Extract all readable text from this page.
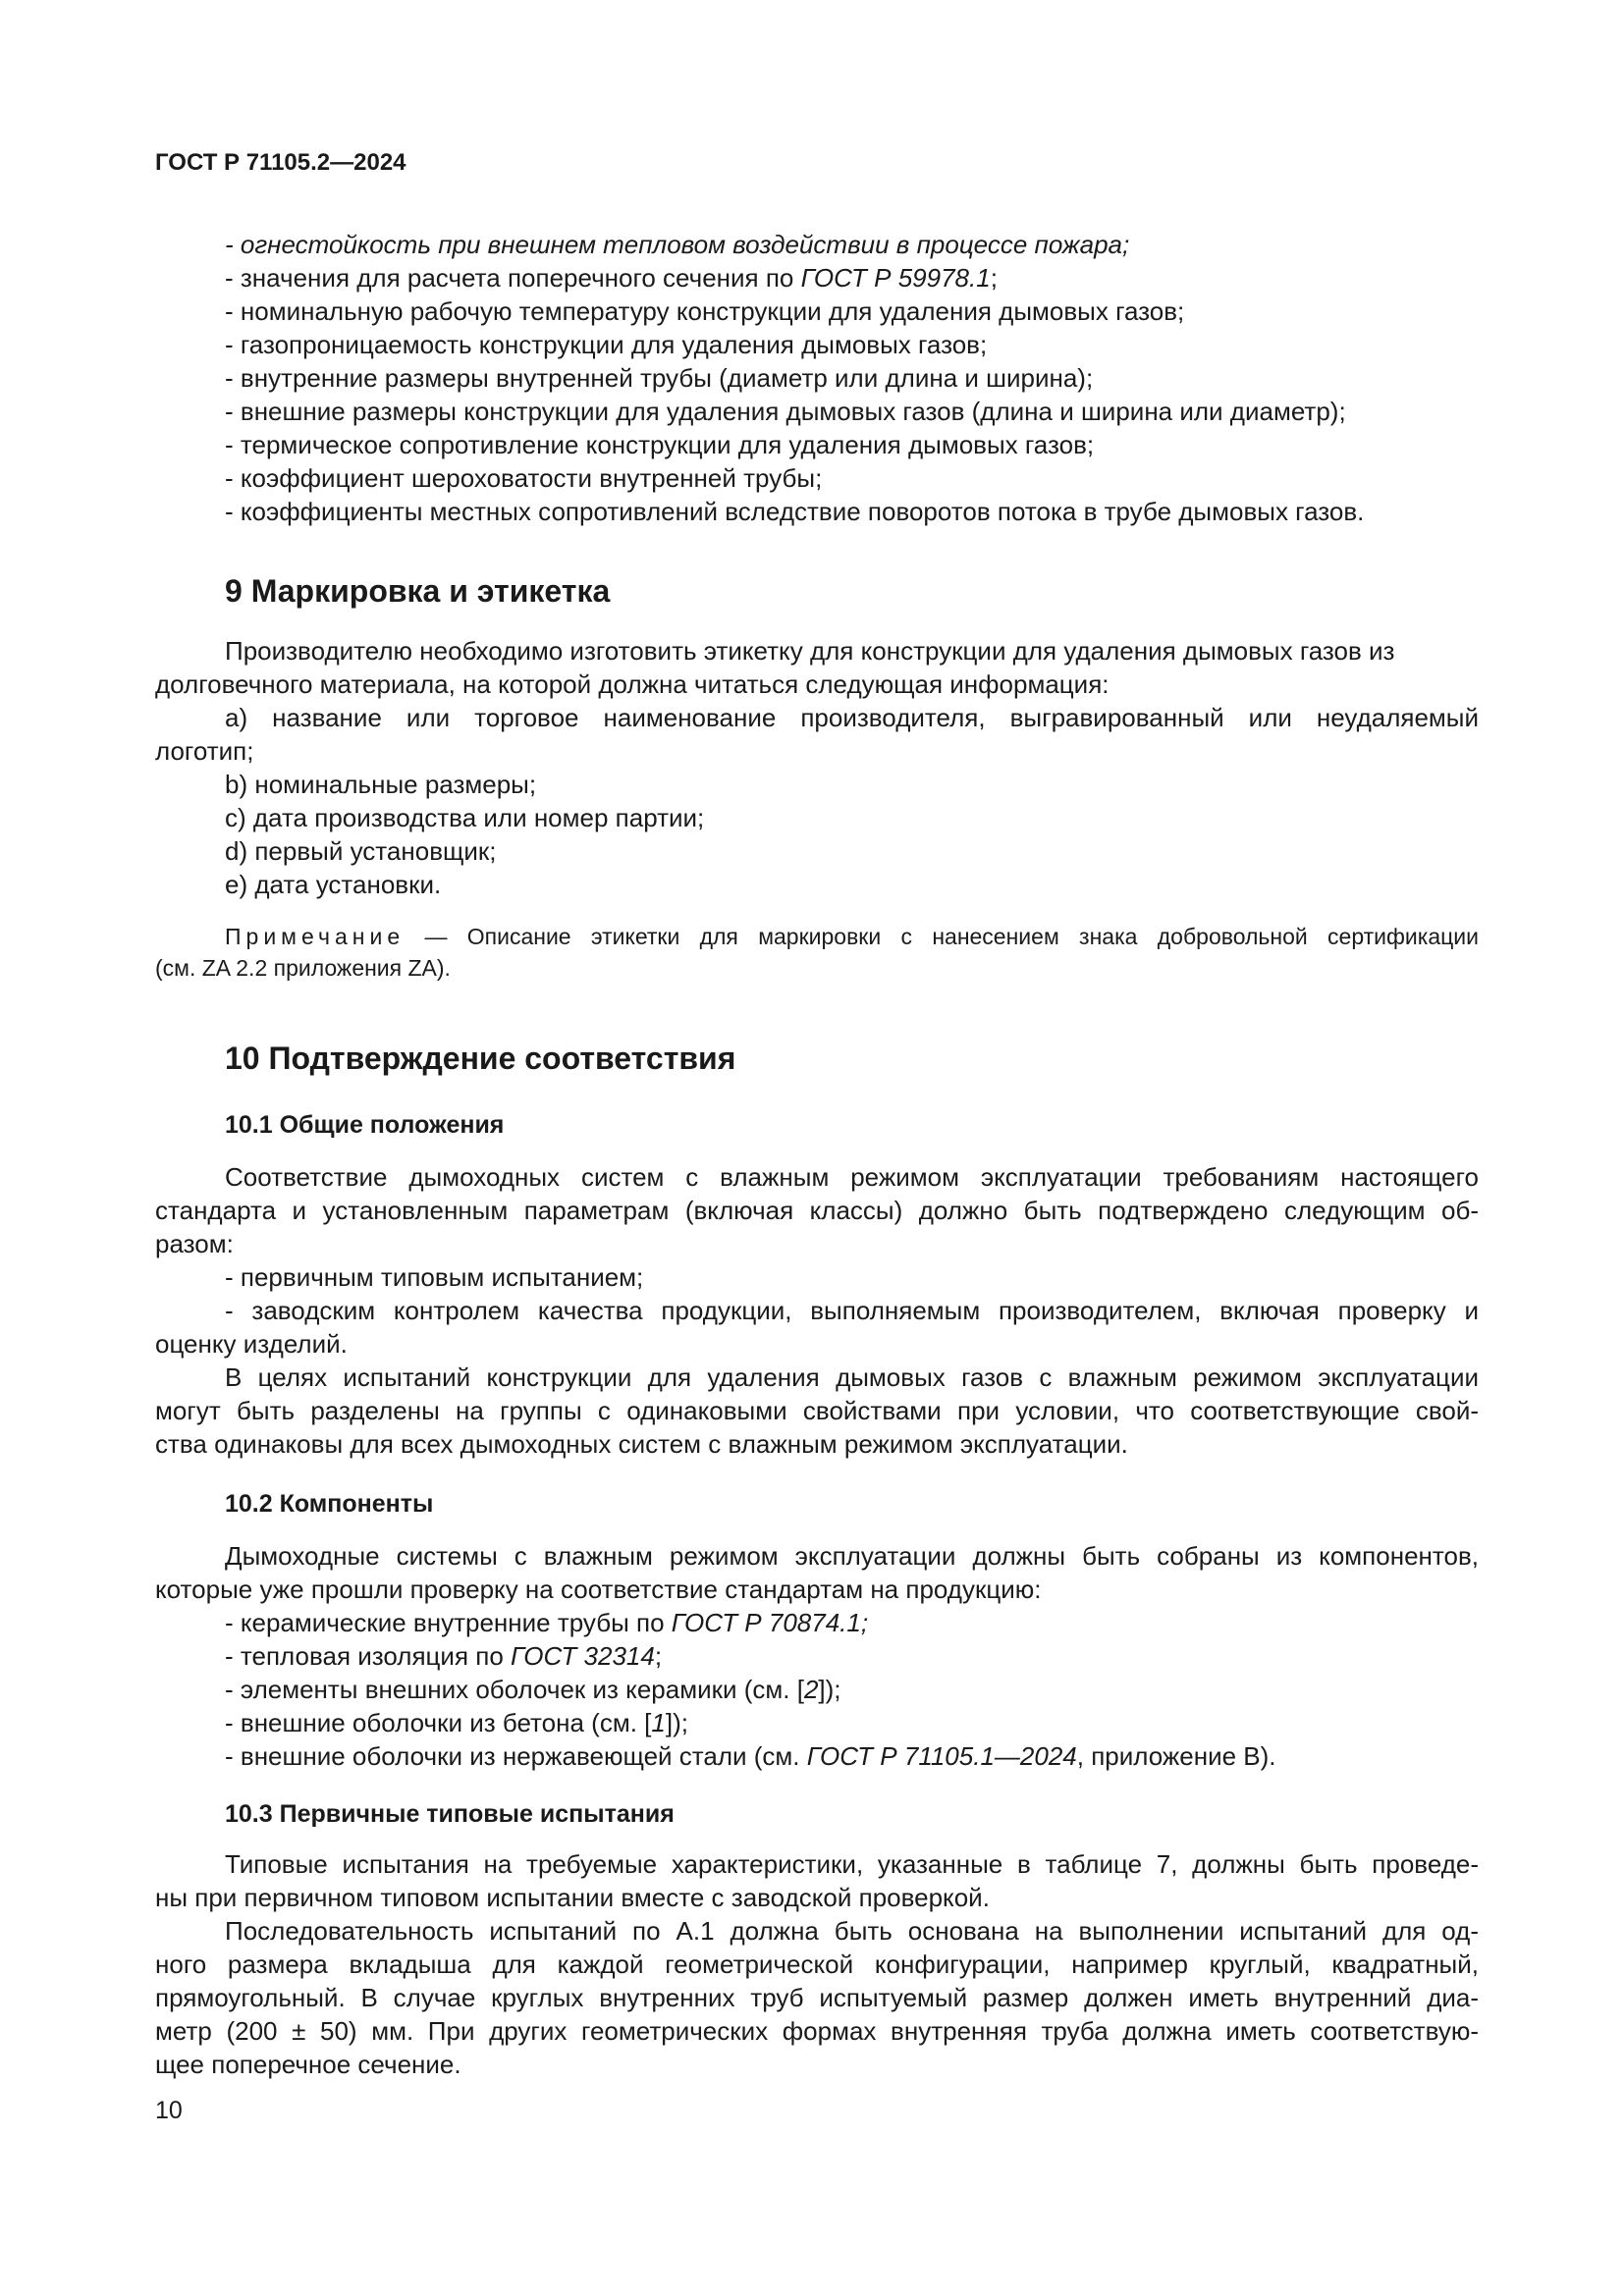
ГОСТ Р 71105.2—2024
- огнестойкость при внешнем тепловом воздействии в процессе пожара;
- значения для расчета поперечного сечения по ГОСТ Р 59978.1;
- номинальную рабочую температуру конструкции для удаления дымовых газов;
- газопроницаемость конструкции для удаления дымовых газов;
- внутренние размеры внутренней трубы (диаметр или длина и ширина);
- внешние размеры конструкции для удаления дымовых газов (длина и ширина или диаметр);
- термическое сопротивление конструкции для удаления дымовых газов;
- коэффициент шероховатости внутренней трубы;
- коэффициенты местных сопротивлений вследствие поворотов потока в трубе дымовых газов.
9 Маркировка и этикетка
Производителю необходимо изготовить этикетку для конструкции для удаления дымовых газов из
долговечного материала, на которой должна читаться следующая информация:
a) название или торговое наименование производителя, выгравированный или неудаляемый
логотип;
b) номинальные размеры;
c) дата производства или номер партии;
d) первый установщик;
e) дата установки.
Примечание — Описание этикетки для маркировки с нанесением знака добровольной сертификации
(см. ZA 2.2 приложения ZA).
10 Подтверждение соответствия
10.1 Общие положения
Соответствие дымоходных систем с влажным режимом эксплуатации требованиям настоящего
стандарта и установленным параметрам (включая классы) должно быть подтверждено следующим об-
разом:
- первичным типовым испытанием;
- заводским контролем качества продукции, выполняемым производителем, включая проверку и
оценку изделий.
В целях испытаний конструкции для удаления дымовых газов с влажным режимом эксплуатации
могут быть разделены на группы с одинаковыми свойствами при условии, что соответствующие свой-
ства одинаковы для всех дымоходных систем с влажным режимом эксплуатации.
10.2 Компоненты
Дымоходные системы с влажным режимом эксплуатации должны быть собраны из компонентов,
которые уже прошли проверку на соответствие стандартам на продукцию:
- керамические внутренние трубы по ГОСТ Р 70874.1;
- тепловая изоляция по ГОСТ 32314;
- элементы внешних оболочек из керамики (см. [2]);
- внешние оболочки из бетона (см. [1]);
- внешние оболочки из нержавеющей стали (см. ГОСТ Р 71105.1—2024, приложение В).
10.3 Первичные типовые испытания
Типовые испытания на требуемые характеристики, указанные в таблице 7, должны быть проведе-
ны при первичном типовом испытании вместе с заводской проверкой.
Последовательность испытаний по А.1 должна быть основана на выполнении испытаний для од-
ного размера вкладыша для каждой геометрической конфигурации, например круглый, квадратный,
прямоугольный. В случае круглых внутренних труб испытуемый размер должен иметь внутренний диа-
метр (200 ± 50) мм. При других геометрических формах внутренняя труба должна иметь соответствую-
щее поперечное сечение.
10
